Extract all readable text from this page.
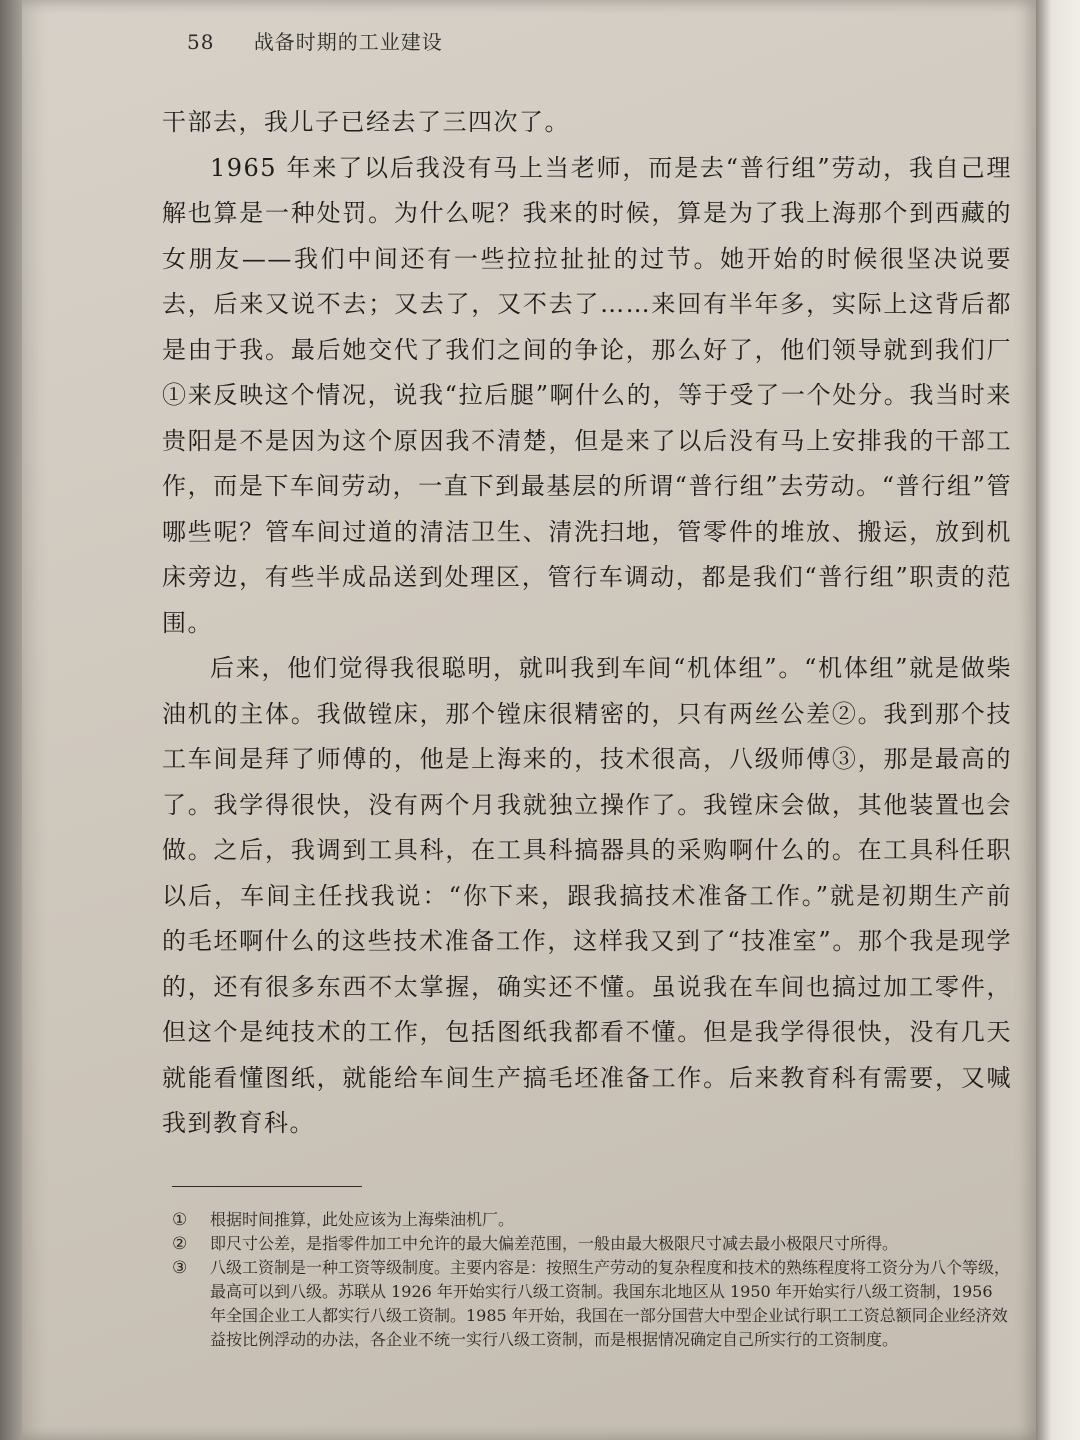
58 战备时期的工业建设

干部去，我儿子已经去了三四次了。

1965 年来了以后我没有马上当老师，而是去“普行组”劳动，我自己理解也算是一种处罚。为什么呢？我来的时候，算是为了我上海那个到西藏的女朋友——我们中间还有一些拉拉扯扯的过节。她开始的时候很坚决说要去，后来又说不去；又去了，又不去了……来回有半年多，实际上这背后都是由于我。最后她交代了我们之间的争论，那么好了，他们领导就到我们厂①来反映这个情况，说我“拉后腿”啊什么的，等于受了一个处分。我当时来贵阳是不是因为这个原因我不清楚，但是来了以后没有马上安排我的干部工作，而是下车间劳动，一直下到最基层的所谓“普行组”去劳动。“普行组”管哪些呢？管车间过道的清洁卫生、清洗扫地，管零件的堆放、搬运，放到机床旁边，有些半成品送到处理区，管行车调动，都是我们“普行组”职责的范围。

后来，他们觉得我很聪明，就叫我到车间“机体组”。“机体组”就是做柴油机的主体。我做镗床，那个镗床很精密的，只有两丝公差②。我到那个技工车间是拜了师傅的，他是上海来的，技术很高，八级师傅③，那是最高的了。我学得很快，没有两个月我就独立操作了。我镗床会做，其他装置也会做。之后，我调到工具科，在工具科搞器具的采购啊什么的。在工具科任职以后，车间主任找我说：“你下来，跟我搞技术准备工作。”就是初期生产前的毛坯啊什么的这些技术准备工作，这样我又到了“技准室”。那个我是现学的，还有很多东西不太掌握，确实还不懂。虽说我在车间也搞过加工零件，但这个是纯技术的工作，包括图纸我都看不懂。但是我学得很快，没有几天就能看懂图纸，就能给车间生产搞毛坯准备工作。后来教育科有需要，又喊我到教育科。

①	根据时间推算，此处应该为上海柴油机厂。
②	即尺寸公差，是指零件加工中允许的最大偏差范围，一般由最大极限尺寸减去最小极限尺寸所得。
③	八级工资制是一种工资等级制度。主要内容是：按照生产劳动的复杂程度和技术的熟练程度将工资分为八个等级，最高可以到八级。苏联从 1926 年开始实行八级工资制。我国东北地区从 1950 年开始实行八级工资制，1956 年全国企业工人都实行八级工资制。1985 年开始，我国在一部分国营大中型企业试行职工工资总额同企业经济效益按比例浮动的办法，各企业不统一实行八级工资制，而是根据情况确定自己所实行的工资制度。
